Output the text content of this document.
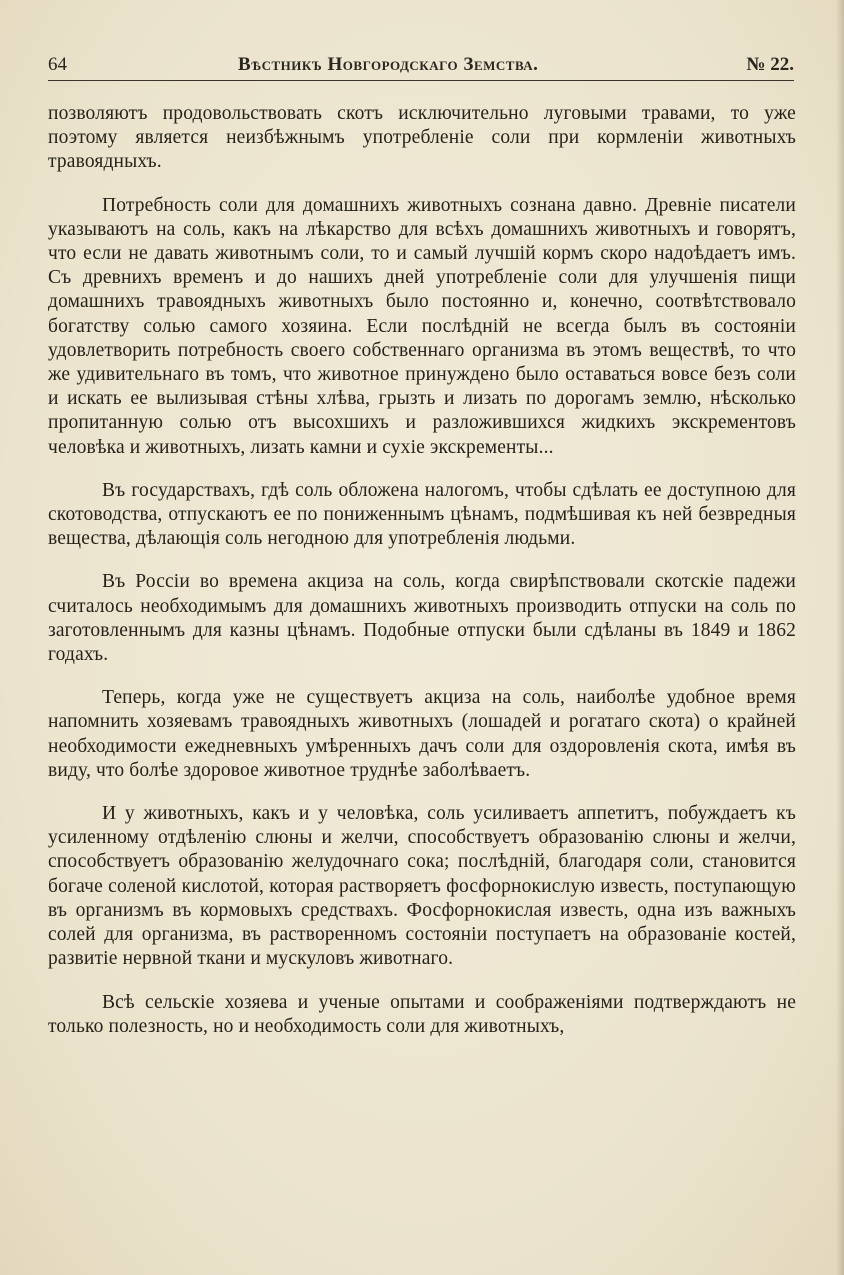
64	Вѣстникъ Новгородскаго Земства.	№ 22.

позволяютъ продовольствовать скотъ исключительно луговыми травами, то уже поэтому является неизбѣжнымъ употребленіе соли при кормленіи животныхъ травоядныхъ.

Потребность соли для домашнихъ животныхъ сознана давно. Древніе писатели указываютъ на соль, какъ на лѣкарство для всѣхъ домашнихъ животныхъ и говорятъ, что если не давать животнымъ соли, то и самый лучшій кормъ скоро надоѣдаетъ имъ. Съ древнихъ временъ и до нашихъ дней употребленіе соли для улучшенія пищи домашнихъ травоядныхъ животныхъ было постоянно и, конечно, соотвѣтствовало богатству солью самого хозяина. Если послѣдній не всегда былъ въ состояніи удовлетворить потребность своего собственнаго организма въ этомъ веществѣ, то что же удивительнаго въ томъ, что животное принуждено было оставаться вовсе безъ соли и искать ее вылизывая стѣны хлѣва, грызть и лизать по дорогамъ землю, нѣсколько пропитанную солью отъ высохшихъ и разложившихся жидкихъ экскрементовъ человѣка и животныхъ, лизать камни и сухіе экскременты...

Въ государствахъ, гдѣ соль обложена налогомъ, чтобы сдѣлать ее доступною для скотоводства, отпускаютъ ее по пониженнымъ цѣнамъ, подмѣшивая къ ней безвредныя вещества, дѣлающія соль негодною для употребленія людьми.

Въ Россіи во времена акциза на соль, когда свирѣпствовали скотскіе падежи считалось необходимымъ для домашнихъ животныхъ производить отпуски на соль по заготовленнымъ для казны цѣнамъ. Подобные отпуски были сдѣланы въ 1849 и 1862 годахъ.

Теперь, когда уже не существуетъ акциза на соль, наиболѣе удобное время напомнить хозяевамъ травоядныхъ животныхъ (лошадей и рогатаго скота) о крайней необходимости ежедневныхъ умѣренныхъ дачъ соли для оздоровленія скота, имѣя въ виду, что болѣе здоровое животное труднѣе заболѣваетъ.

И у животныхъ, какъ и у человѣка, соль усиливаетъ аппетитъ, побуждаетъ къ усиленному отдѣленію слюны и желчи, способствуетъ образованію слюны и желчи, способствуетъ образованію желудочнаго сока; послѣдній, благодаря соли, становится богаче соленой кислотой, которая растворяетъ фосфорнокислую известь, поступающую въ организмъ въ кормовыхъ средствахъ. Фосфорнокислая известь, одна изъ важныхъ солей для организма, въ растворенномъ состояніи поступаетъ на образованіе костей, развитіе нервной ткани и мускуловъ животнаго.

Всѣ сельскіе хозяева и ученые опытами и соображеніями подтверждаютъ не только полезность, но и необходимость соли для животныхъ,
